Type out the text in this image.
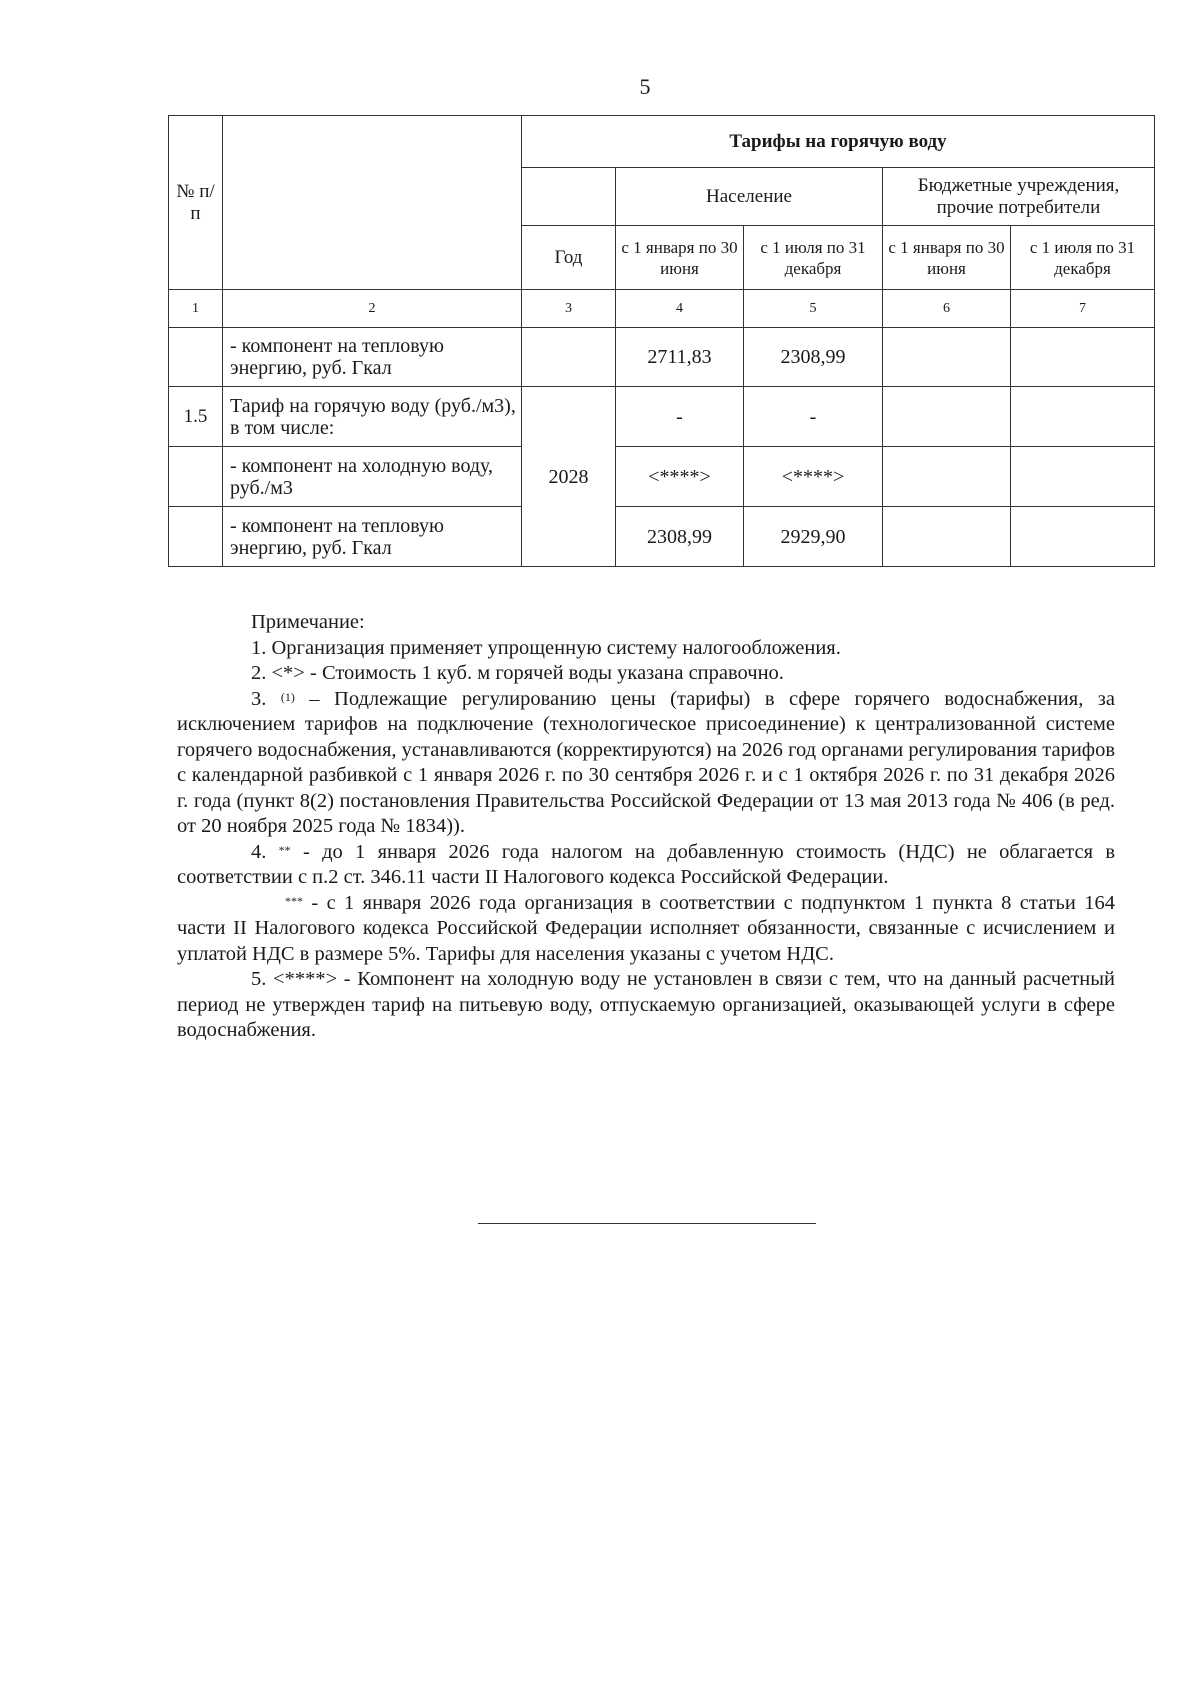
5
№ п/п		Тарифы на горячую воду				
			Население		Бюджетные учреждения, прочие потребители	
		Год	с 1 января по 30 июня	с 1 июля по 31 декабря	с 1 января по 30 июня	с 1 июля по 31 декабря
1	2	3	4	5	6	7
	- компонент на тепловую энергию, руб. Гкал		2711,83	2308,99		
1.5	Тариф на горячую воду (руб./м3), в том числе:	2028	-	-		
	- компонент на холодную воду, руб./м3		<****>	<****>		
	- компонент на тепловую энергию, руб. Гкал		2308,99	2929,90		

Примечание:

1. Организация применяет упрощенную систему налогообложения.

2. <*> - Стоимость 1 куб. м горячей воды указана справочно.

3. $^{(1)}$ – Подлежащие регулированию цены (тарифы) в сфере горячего водоснабжения, за исключением тарифов на подключение (технологическое присоединение) к централизованной системе горячего водоснабжения, устанавливаются (корректируются) на 2026 год органами регулирования тарифов с календарной разбивкой с 1 января 2026 г. по 30 сентября 2026 г. и с 1 октября 2026 г. по 31 декабря 2026 г. года (пункт 8(2) постановления Правительства Российской Федерации от 13 мая 2013 года № 406 (в ред. от 20 ноября 2025 года № 1834)).

4. ** - до 1 января 2026 года налогом на добавленную стоимость (НДС) не облагается в соответствии с п.2 ст. 346.11 части II Налогового кодекса Российской Федерации.

*** - с 1 января 2026 года организация в соответствии с подпунктом 1 пункта 8 статьи 164 части II Налогового кодекса Российской Федерации исполняет обязанности, связанные с исчислением и уплатой НДС в размере 5%. Тарифы для населения указаны с учетом НДС.

5. <****> - Компонент на холодную воду не установлен в связи с тем, что на данный расчетный период не утвержден тариф на питьевую воду, отпускаемую организацией, оказывающей услуги в сфере водоснабжения.
